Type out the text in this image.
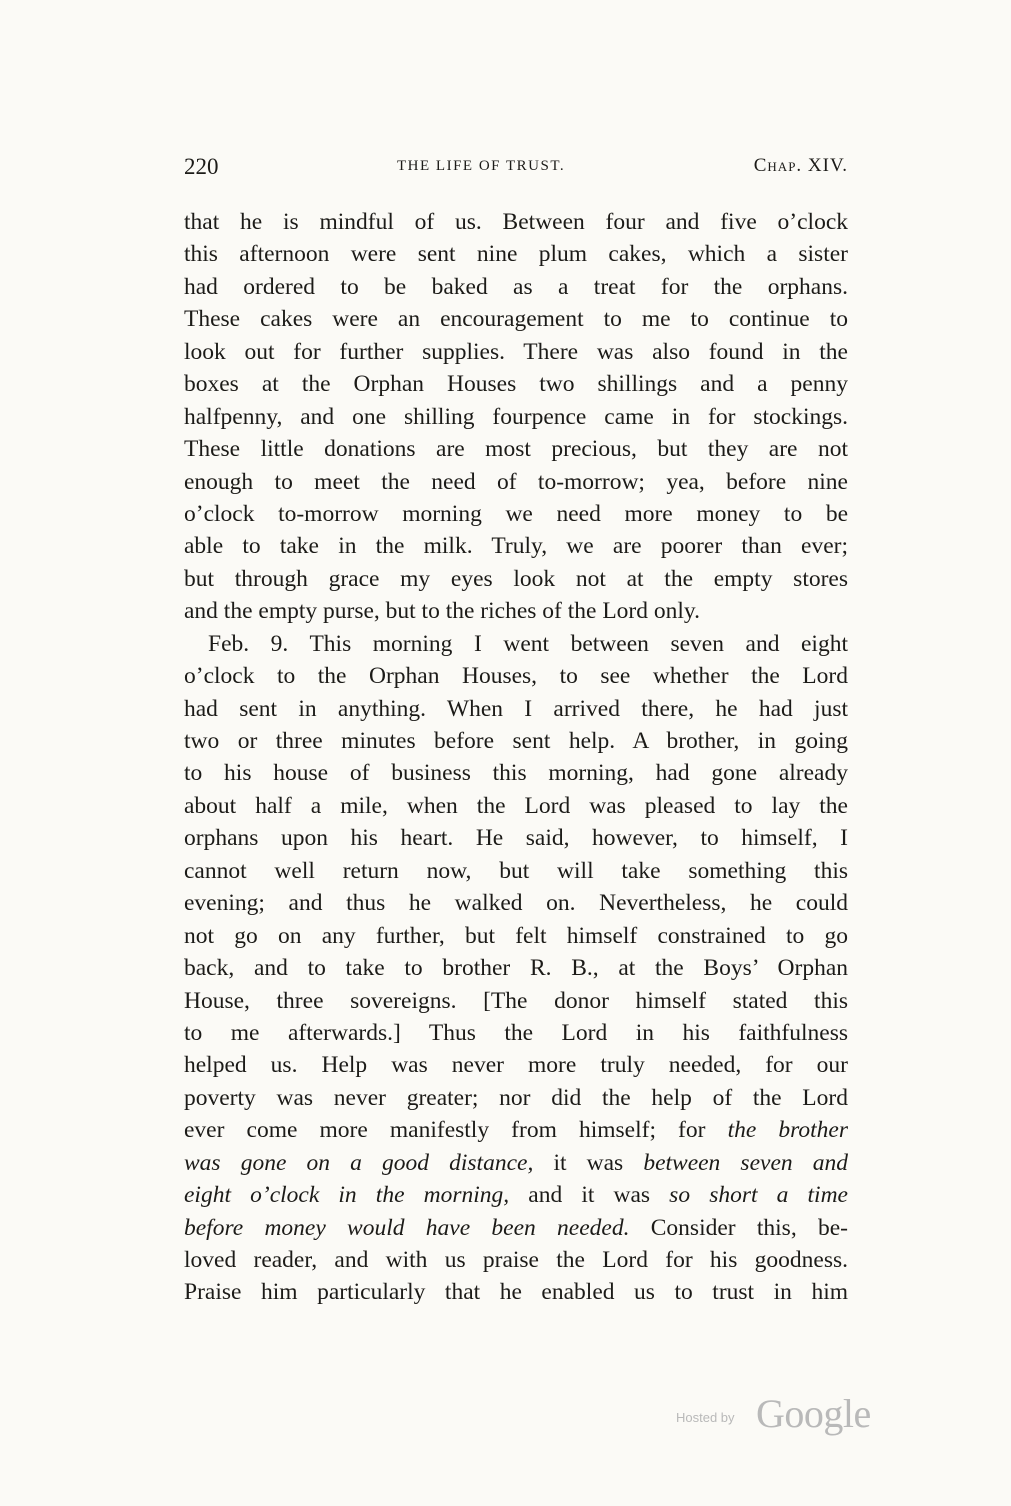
220	THE LIFE OF TRUST.	Chap. XIV.
that he is mindful of us. Between four and five o’clock
this afternoon were sent nine plum cakes, which a sister
had ordered to be baked as a treat for the orphans.
These cakes were an encouragement to me to continue to
look out for further supplies. There was also found in the
boxes at the Orphan Houses two shillings and a penny
halfpenny, and one shilling fourpence came in for stockings.
These little donations are most precious, but they are not
enough to meet the need of to-morrow; yea, before nine
o’clock to-morrow morning we need more money to be
able to take in the milk. Truly, we are poorer than ever;
but through grace my eyes look not at the empty stores
and the empty purse, but to the riches of the Lord only.
Feb. 9. This morning I went between seven and eight
o’clock to the Orphan Houses, to see whether the Lord
had sent in anything. When I arrived there, he had just
two or three minutes before sent help. A brother, in going
to his house of business this morning, had gone already
about half a mile, when the Lord was pleased to lay the
orphans upon his heart. He said, however, to himself, I
cannot well return now, but will take something this
evening; and thus he walked on. Nevertheless, he could
not go on any further, but felt himself constrained to go
back, and to take to brother R. B., at the Boys’ Orphan
House, three sovereigns. [The donor himself stated this
to me afterwards.] Thus the Lord in his faithfulness
helped us. Help was never more truly needed, for our
poverty was never greater; nor did the help of the Lord
ever come more manifestly from himself; for the brother
was gone on a good distance, it was between seven and
eight o’clock in the morning, and it was so short a time
before money would have been needed. Consider this, be-
loved reader, and with us praise the Lord for his goodness.
Praise him particularly that he enabled us to trust in him
Hosted by Google
